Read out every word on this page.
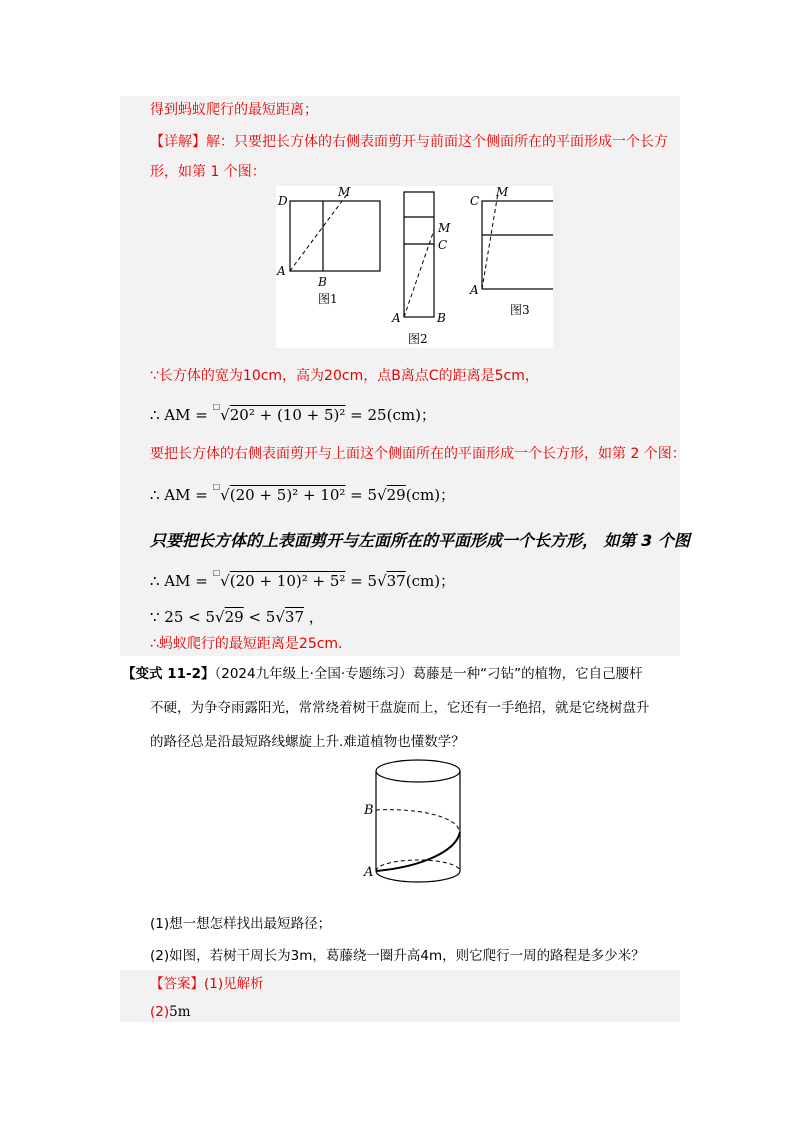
得到蚂蚁爬行的最短距离；
【详解】解：只要把长方体的右侧表面剪开与前面这个侧面所在的平面形成一个长方
形，如第 1 个图：
D
M
A
B
图1
M
C
A	B
图2
C
M
A
图3
∵长方体的宽为10cm，高为20cm，点B离点C的距离是5cm，
∴ AM = □√20² + (10 + 5)² = 25(cm)；
要把长方体的右侧表面剪开与上面这个侧面所在的平面形成一个长方形，如第 2 个图：
∴ AM = □√(20 + 5)² + 10² = 5√29(cm)；
只要把长方体的上表面剪开与左面所在的平面形成一个长方形， 如第 3 个图
∴ AM = □√(20 + 10)² + 5² = 5√37(cm)；
∵ 25 < 5√29 < 5√37 ，
∴蚂蚁爬行的最短距离是25cm.
【变式 11-2】（2024九年级上·全国·专题练习）葛藤是一种“刁钻”的植物，它自己腰杆
不硬，为争夺雨露阳光，常常绕着树干盘旋而上，它还有一手绝招，就是它绕树盘升
的路径总是沿最短路线螺旋上升.难道植物也懂数学？
B
A
(1)想一想怎样找出最短路径；
(2)如图，若树干周长为3m，葛藤绕一圈升高4m，则它爬行一周的路程是多少米？
【答案】(1)见解析
(2)5m
